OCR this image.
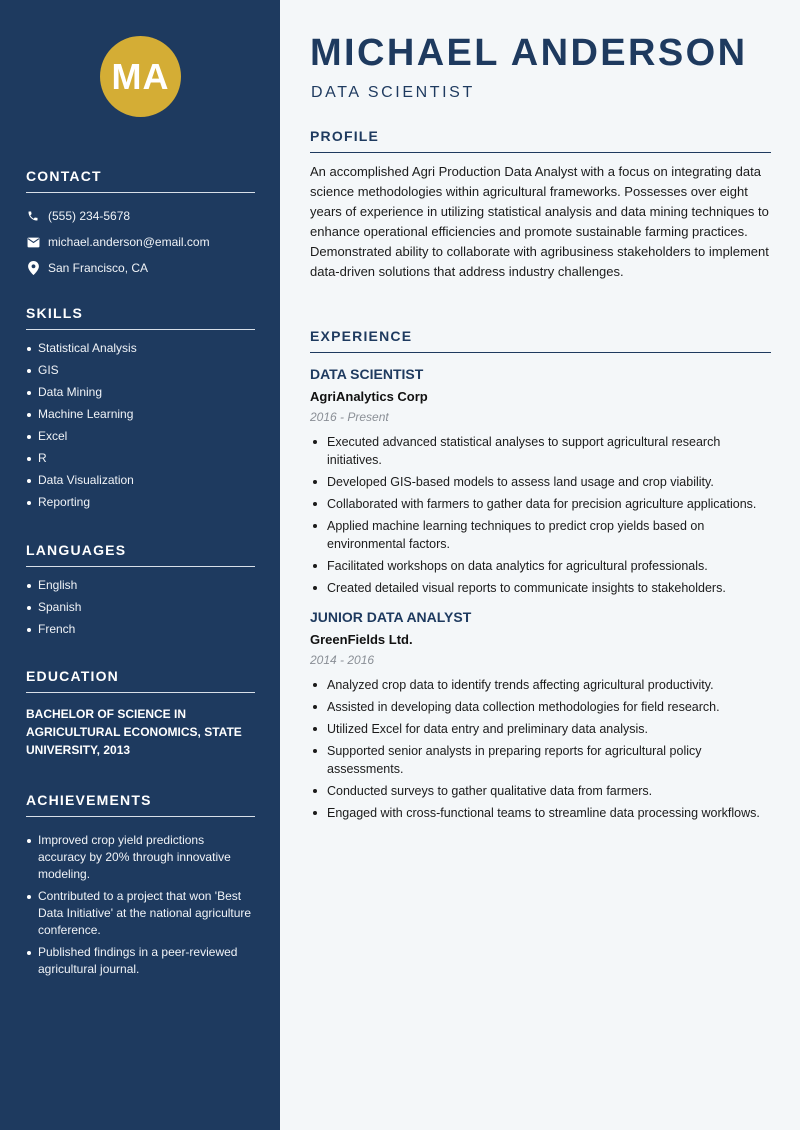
MA
CONTACT
(555) 234-5678
michael.anderson@email.com
San Francisco, CA
SKILLS
Statistical Analysis
GIS
Data Mining
Machine Learning
Excel
R
Data Visualization
Reporting
LANGUAGES
English
Spanish
French
EDUCATION

BACHELOR OF SCIENCE IN AGRICULTURAL ECONOMICS, STATE UNIVERSITY, 2013

ACHIEVEMENTS
Improved crop yield predictions accuracy by 20% through innovative modeling.
Contributed to a project that won 'Best Data Initiative' at the national agriculture conference.
Published findings in a peer-reviewed agricultural journal.
MICHAEL ANDERSON
DATA SCIENTIST
PROFILE

An accomplished Agri Production Data Analyst with a focus on integrating data science methodologies within agricultural frameworks. Possesses over eight years of experience in utilizing statistical analysis and data mining techniques to enhance operational efficiencies and promote sustainable farming practices. Demonstrated ability to collaborate with agribusiness stakeholders to implement data-driven solutions that address industry challenges.

EXPERIENCE
DATA SCIENTIST
AgriAnalytics Corp
2016 - Present
Executed advanced statistical analyses to support agricultural research initiatives.
Developed GIS-based models to assess land usage and crop viability.
Collaborated with farmers to gather data for precision agriculture applications.
Applied machine learning techniques to predict crop yields based on environmental factors.
Facilitated workshops on data analytics for agricultural professionals.
Created detailed visual reports to communicate insights to stakeholders.
JUNIOR DATA ANALYST
GreenFields Ltd.
2014 - 2016
Analyzed crop data to identify trends affecting agricultural productivity.
Assisted in developing data collection methodologies for field research.
Utilized Excel for data entry and preliminary data analysis.
Supported senior analysts in preparing reports for agricultural policy assessments.
Conducted surveys to gather qualitative data from farmers.
Engaged with cross-functional teams to streamline data processing workflows.
